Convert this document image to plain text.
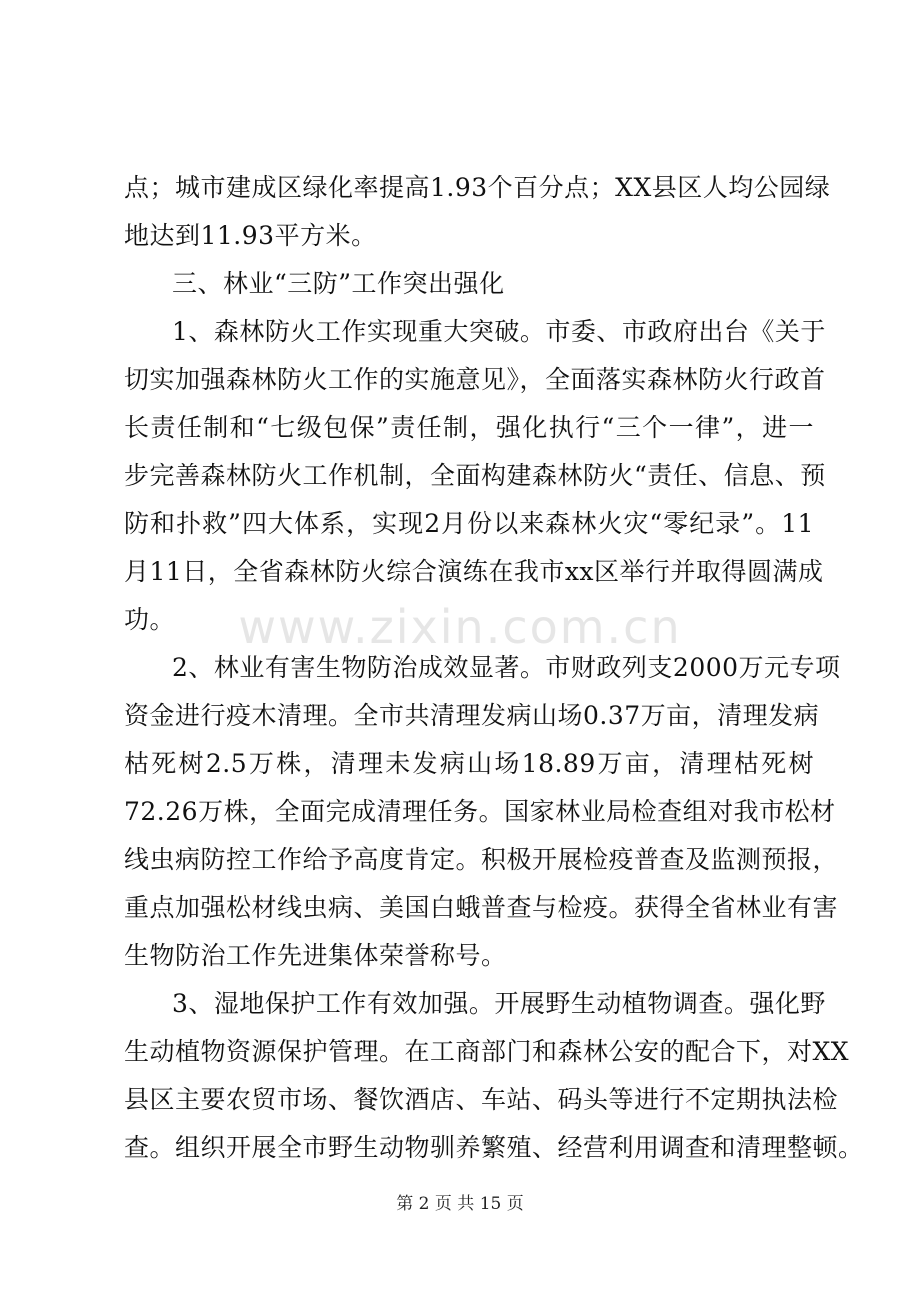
www.zixin.com.cn
点；城市建成区绿化率提高1.93个百分点；XX县区人均公园绿
地达到11.93平方米。
三、林业“三防”工作突出强化
1、森林防火工作实现重大突破。市委、市政府出台《关于
切实加强森林防火工作的实施意见》，全面落实森林防火行政首
长责任制和“七级包保”责任制，强化执行“三个一律”，进一
步完善森林防火工作机制，全面构建森林防火“责任、信息、预
防和扑救”四大体系，实现2月份以来森林火灾“零纪录”。11
月11日，全省森林防火综合演练在我市xx区举行并取得圆满成
功。
2、林业有害生物防治成效显著。市财政列支2000万元专项
资金进行疫木清理。全市共清理发病山场0.37万亩，清理发病
枯死树2.5万株，清理未发病山场18.89万亩，清理枯死树
72.26万株，全面完成清理任务。国家林业局检查组对我市松材
线虫病防控工作给予高度肯定。积极开展检疫普查及监测预报，
重点加强松材线虫病、美国白蛾普查与检疫。获得全省林业有害
生物防治工作先进集体荣誉称号。
3、湿地保护工作有效加强。开展野生动植物调查。强化野
生动植物资源保护管理。在工商部门和森林公安的配合下，对XX
县区主要农贸市场、餐饮酒店、车站、码头等进行不定期执法检
查。组织开展全市野生动物驯养繁殖、经营利用调查和清理整顿。
第 2 页 共 15 页
